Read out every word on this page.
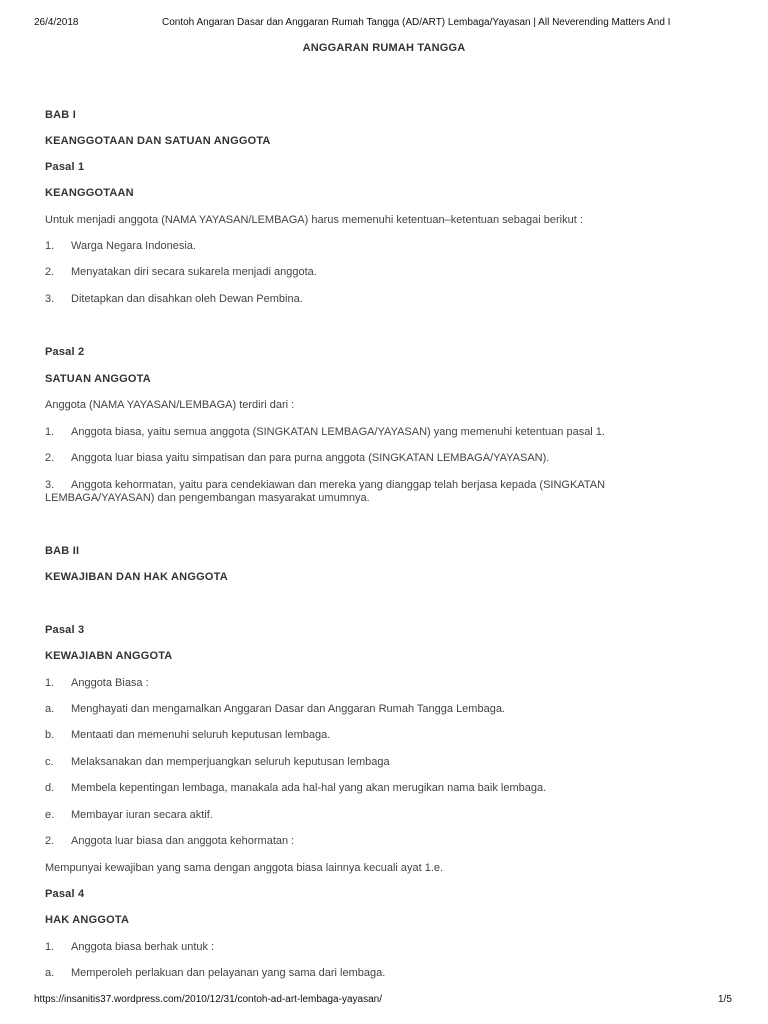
26/4/2018	Contoh Angaran Dasar dan Anggaran Rumah Tangga (AD/ART) Lembaga/Yayasan | All Neverending Matters And I
ANGGARAN RUMAH TANGGA
BAB I
KEANGGOTAAN DAN SATUAN ANGGOTA
Pasal 1
KEANGGOTAAN
Untuk menjadi anggota (NAMA YAYASAN/LEMBAGA) harus memenuhi ketentuan–ketentuan sebagai berikut :
1. Warga Negara Indonesia.
2. Menyatakan diri secara sukarela menjadi anggota.
3. Ditetapkan dan disahkan oleh Dewan Pembina.
Pasal 2
SATUAN ANGGOTA
Anggota (NAMA YAYASAN/LEMBAGA) terdiri dari :
1. Anggota biasa, yaitu semua anggota (SINGKATAN LEMBAGA/YAYASAN) yang memenuhi ketentuan pasal 1.
2. Anggota luar biasa yaitu simpatisan dan para purna anggota (SINGKATAN LEMBAGA/YAYASAN).
3.	Anggota kehormatan, yaitu para cendekiawan dan mereka yang dianggap telah berjasa kepada (SINGKATAN LEMBAGA/YAYASAN) dan pengembangan masyarakat umumnya.
BAB II
KEWAJIBAN DAN HAK ANGGOTA
Pasal 3
KEWAJIABN ANGGOTA
1. Anggota Biasa :
a. Menghayati dan mengamalkan Anggaran Dasar dan Anggaran Rumah Tangga Lembaga.
b. Mentaati dan memenuhi seluruh keputusan lembaga.
c. Melaksanakan dan memperjuangkan seluruh keputusan lembaga
d. Membela kepentingan lembaga, manakala ada hal-hal yang akan merugikan nama baik lembaga.
e. Membayar iuran secara aktif.
2. Anggota luar biasa dan anggota kehormatan :
Mempunyai kewajiban yang sama dengan anggota biasa lainnya kecuali ayat 1.e.
Pasal 4
HAK ANGGOTA
1. Anggota biasa berhak untuk :
a. Memperoleh perlakuan dan pelayanan yang sama dari lembaga.
https://insanitis37.wordpress.com/2010/12/31/contoh-ad-art-lembaga-yayasan/	1/5
